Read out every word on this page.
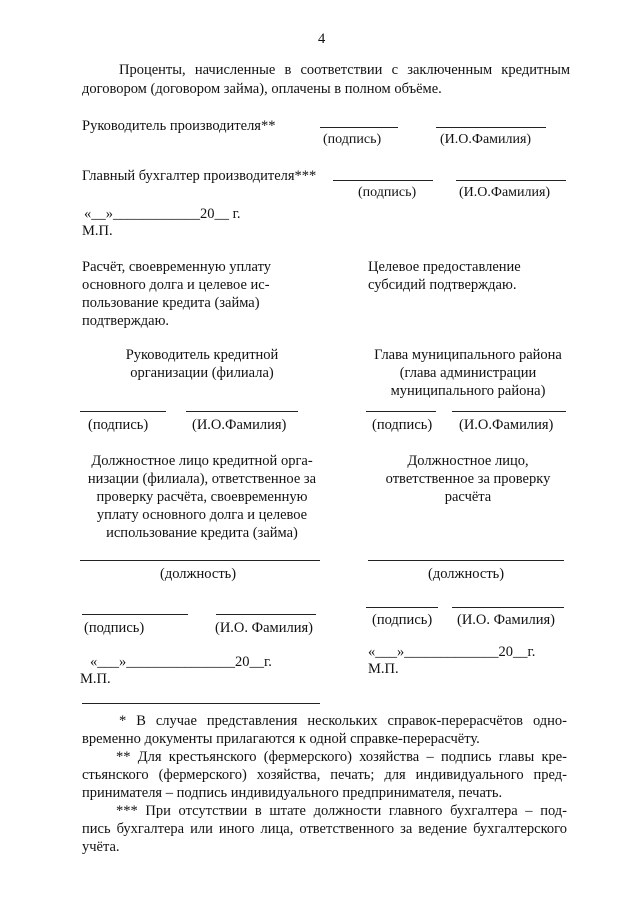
4
Проценты, начисленные в соответствии с заключенным кредитным
договором (договором займа), оплачены в полном объёме.
Руководитель производителя**
(подпись)	(И.О.Фамилия)
Главный бухгалтер производителя***
(подпись)	(И.О.Фамилия)
«__»____________20__ г.
М.П.
Расчёт, своевременную уплату
основного долга и целевое ис-
пользование кредита (займа)
подтверждаю.
Целевое предоставление
субсидий подтверждаю.
Руководитель кредитной
организации (филиала)
Глава муниципального района
(глава администрации
муниципального района)
(подпись)	(И.О.Фамилия)	(подпись) (И.О.Фамилия)
Должностное лицо кредитной орга-
низации (филиала), ответственное за
проверку расчёта, своевременную
уплату основного долга и целевое
использование кредита (займа)
Должностное лицо,
ответственное за проверку
расчёта
(должность)	(должность)
(подпись)	(И.О. Фамилия)	(подпись) (И.О. Фамилия)
«___»_______________20__г.
М.П.
«___»_____________20__г.
М.П.
* В случае представления нескольких справок-перерасчётов одно-
временно документы прилагаются к одной справке-перерасчёту.
** Для крестьянского (фермерского) хозяйства – подпись главы кре-
стьянского (фермерского) хозяйства, печать; для индивидуального пред-
принимателя – подпись индивидуального предпринимателя, печать.
*** При отсутствии в штате должности главного бухгалтера – под-
пись бухгалтера или иного лица, ответственного за ведение бухгалтерского
учёта.
